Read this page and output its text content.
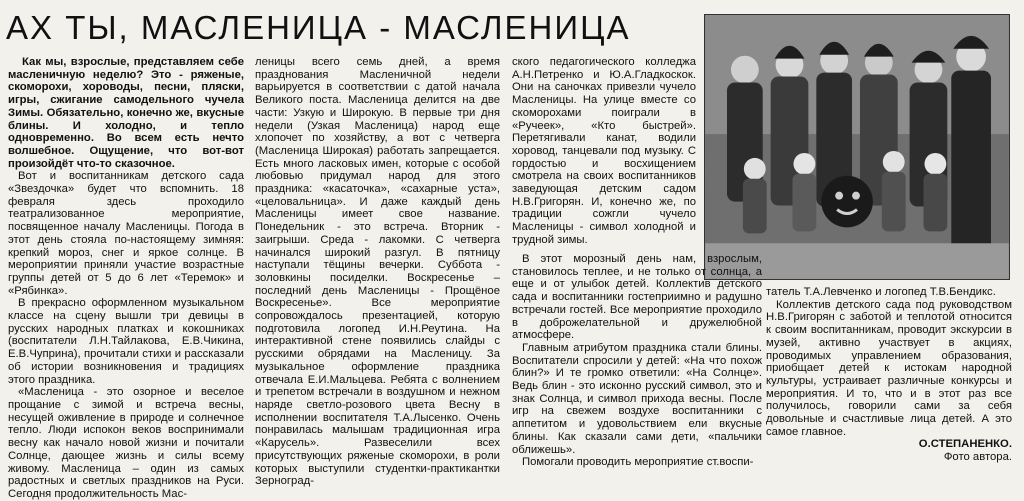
АХ ТЫ, МАСЛЕНИЦА - МАСЛЕНИЦА

Как мы, взрослые, представляем себе масленичную неделю? Это - ряженые, скоморохи, хороводы, песни, пляски, игры, сжигание самодельного чучела Зимы. Обязательно, конечно же, вкусные блины. И холодно, и тепло одновременно. Во всем есть нечто волшебное. Ощущение, что вот-вот произойдёт что-то сказочное.

Вот и воспитанникам детского сада «Звездочка» будет что вспомнить. 18 февраля здесь проходило театрализованное мероприятие, посвященное началу Масленицы. Погода в этот день стояла по-настоящему зимняя: крепкий мороз, снег и яркое солнце. В мероприятии приняли участие возрастные группы детей от 5 до 6 лет «Теремок» и «Рябинка».

В прекрасно оформленном музыкальном классе на сцену вышли три девицы в русских народных платках и кокошниках (воспитатели Л.Н.Тайлакова, Е.В.Чикина, Е.В.Чуприна), прочитали стихи и рассказали об истории возникновения и традициях этого праздника.

«Масленица - это озорное и веселое прощание с зимой и встреча весны, несущей оживление в природе и солнечное тепло. Люди испокон веков воспринимали весну как начало новой жизни и почитали Солнце, дающее жизнь и силы всему живому. Масленица – один из самых радостных и светлых праздников на Руси. Сегодня продолжительность Мас-

леницы всего семь дней, а время празднования Масленичной недели варьируется в соответствии с датой начала Великого поста. Масленица делится на две части: Узкую и Широкую. В первые три дня недели (Узкая Масленица) народ еще хлопочет по хозяйству, а вот с четверга (Масленица Широкая) работать запрещается. Есть много ласковых имен, которые с особой любовью придумал народ для этого праздника: «касаточка», «сахарные уста», «целовальница». И даже каждый день Масленицы имеет свое название. Понедельник - это встреча. Вторник - заигрыши. Среда - лакомки. С четверга начинался широкий разгул. В пятницу наступали тёщины вечерки. Суббота - золовкины посиделки. Воскресенье – последний день Масленицы - Прощёное Воскресенье». Все мероприятие сопровождалось презентацией, которую подготовила логопед И.Н.Реутина. На интерактивной стене появились слайды с русскими обрядами на Масленицу. За музыкальное оформление праздника отвечала Е.И.Мальцева. Ребята с волнением и трепетом встречали в воздушном и нежном наряде светло-розового цвета Весну в исполнении воспитателя Т.А.Лысенко. Очень понравилась малышам традиционная игра «Карусель». Развеселили всех присутствующих ряженые скоморохи, в роли которых выступили студентки-практикантки Зерноград-

ского педагогического колледжа А.Н.Петренко и Ю.А.Гладкоскок. Они на саночках привезли чучело Масленицы. На улице вместе со скоморохами поиграли в «Ручеек», «Кто быстрей». Перетягивали канат, водили хоровод, танцевали под музыку. С гордостью и восхищением смотрела на своих воспитанников заведующая детским садом Н.В.Григорян. И, конечно же, по традиции сожгли чучело Масленицы - символ холодной и трудной зимы.

В этот морозный день нам, взрослым, становилось теплее, и не только от солнца, а еще и от улыбок детей. Коллектив детского сада и воспитанники гостеприимно и радушно встречали гостей. Все мероприятие проходило в доброжелательной и дружелюбной атмосфере.

Главным атрибутом праздника стали блины. Воспитатели спросили у детей: «На что похож блин?» И те громко ответили: «На Солнце». Ведь блин - это исконно русский символ, это и знак Солнца, и символ прихода весны. После игр на свежем воздухе воспитанники с аппетитом и удовольствием ели вкусные блины. Как сказали сами дети, «пальчики оближешь».

Помогали проводить мероприятие ст.воспи-

татель Т.А.Левченко и логопед Т.В.Бендикс.

Коллектив детского сада под руководством Н.В.Григорян с заботой и теплотой относится к своим воспитанникам, проводит экскурсии в музей, активно участвует в акциях, проводимых управлением образования, приобщает детей к истокам народной культуры, устраивает различные конкурсы и мероприятия. И то, что и в этот раз все получилось, говорили сами за себя довольные и счастливые лица детей. А это самое главное.

О.СТЕПАНЕНКО.

Фото автора.
